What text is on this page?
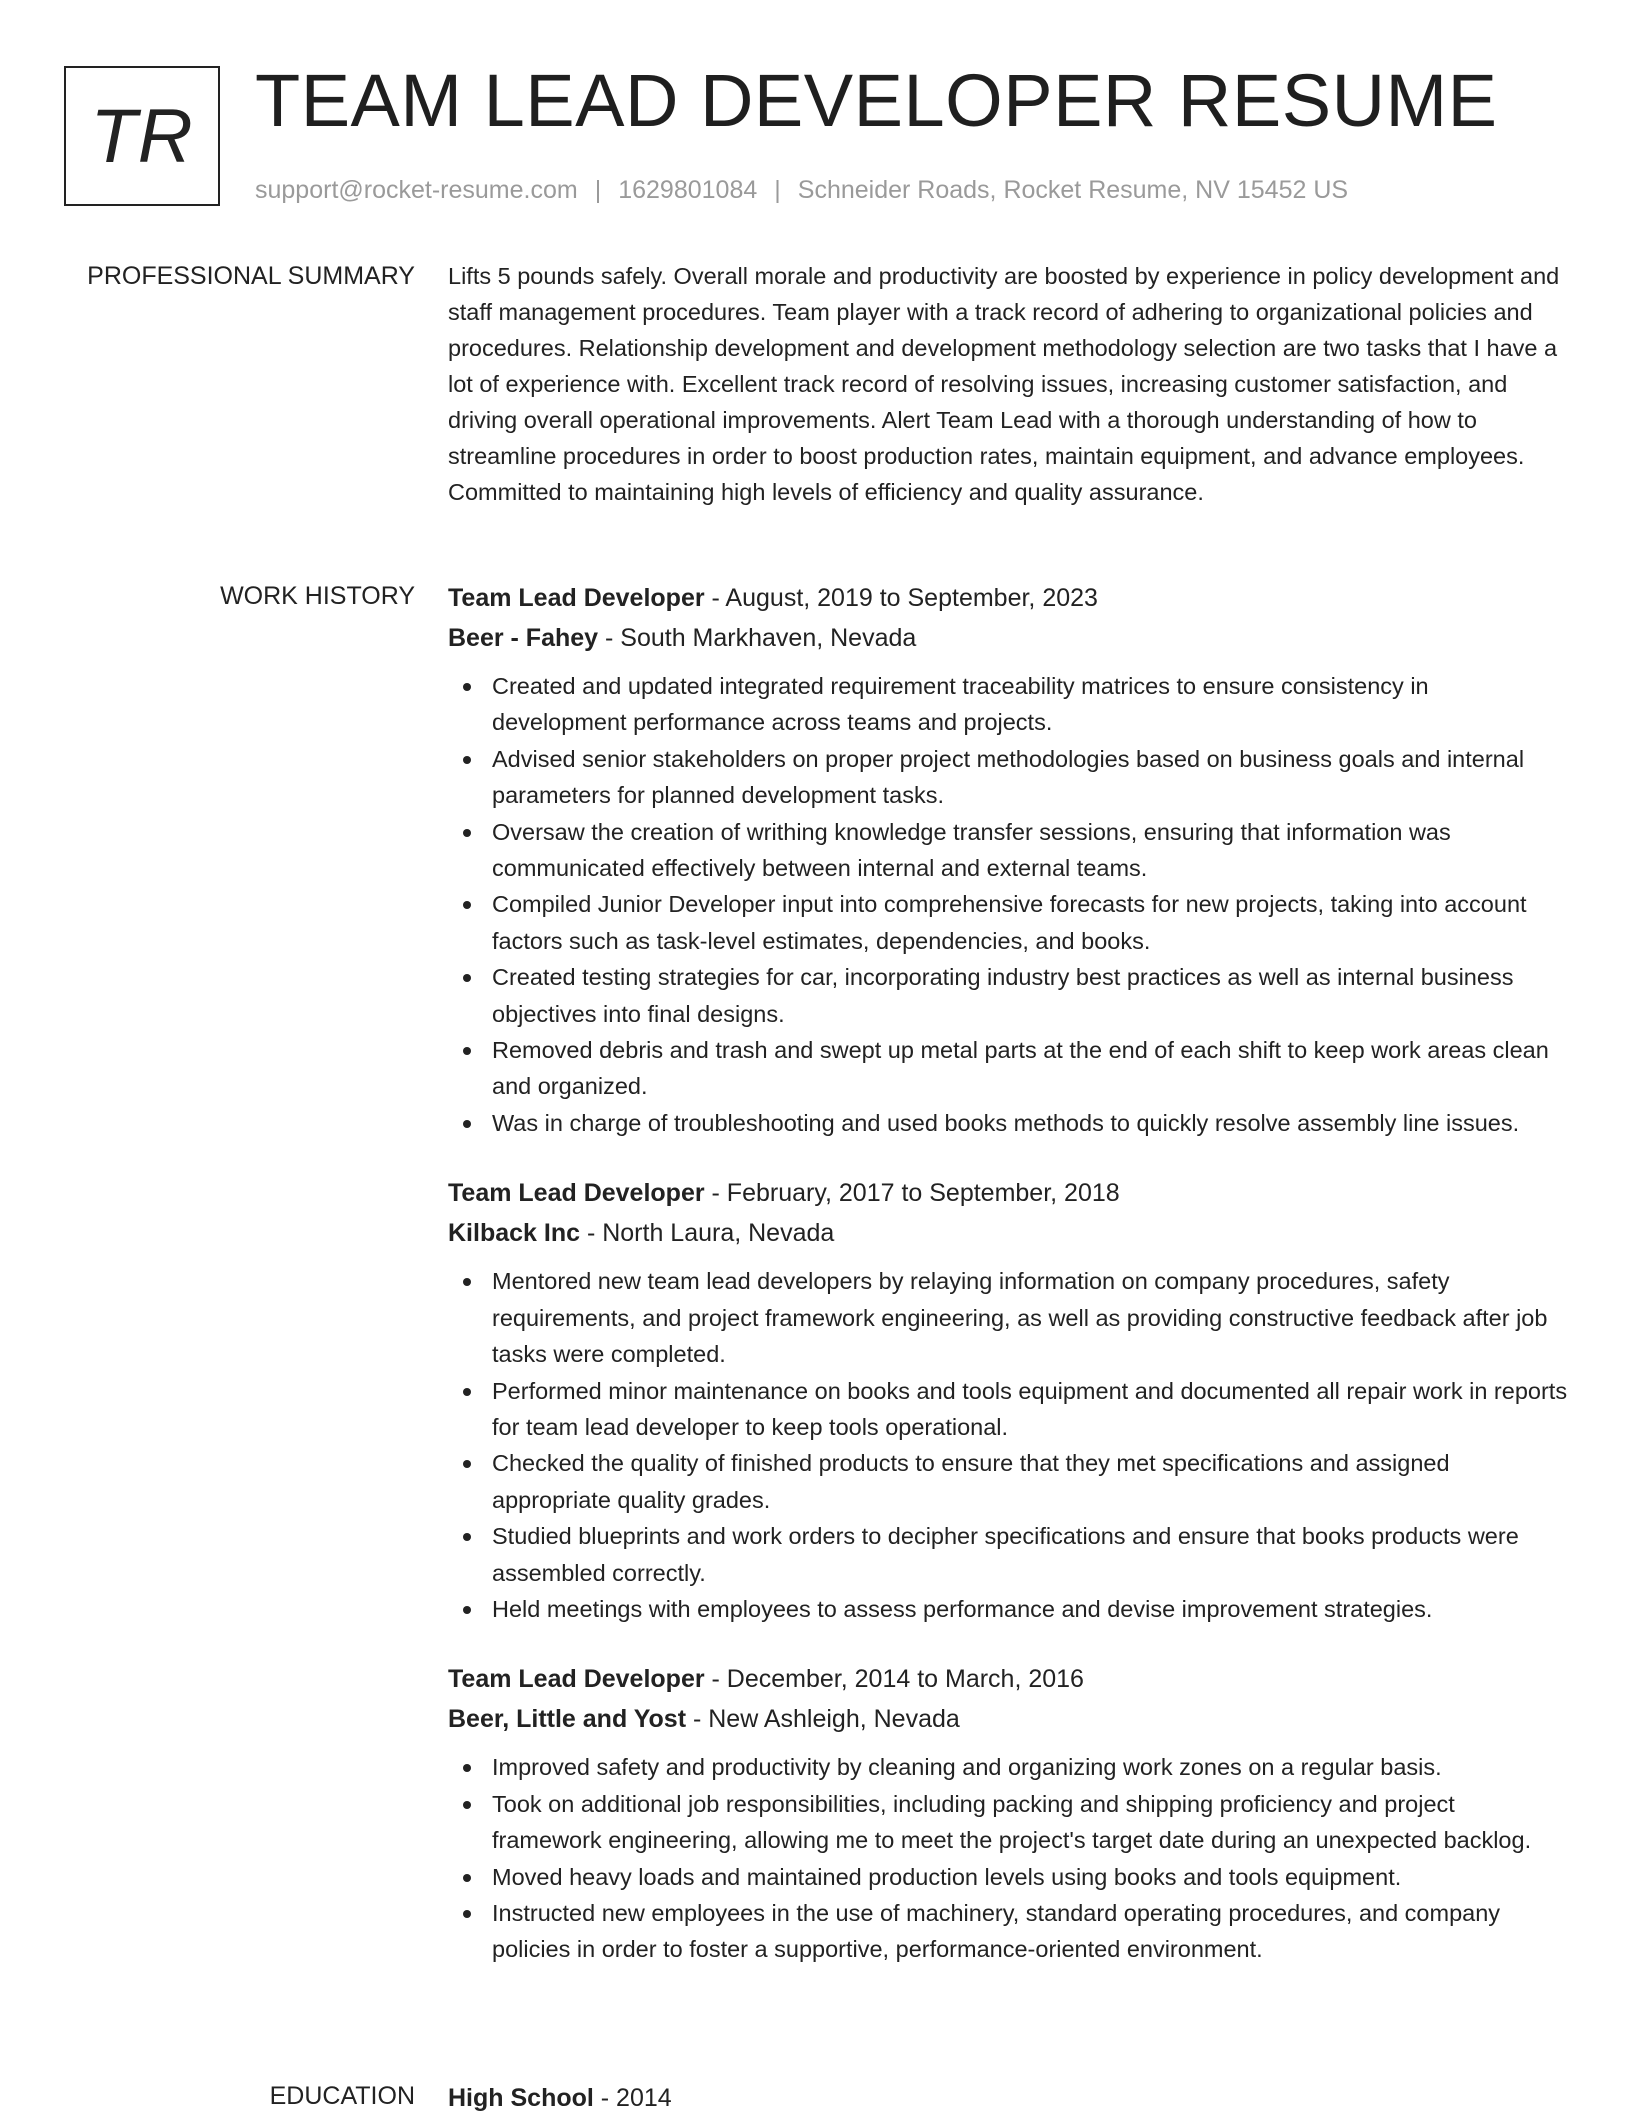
TR TEAM LEAD DEVELOPER RESUME
support@rocket-resume.com | 1629801084 | Schneider Roads, Rocket Resume, NV 15452 US
PROFESSIONAL SUMMARY Lifts 5 pounds safely. Overall morale and productivity are boosted by experience in policy development and staff management procedures. Team player with a track record of adhering to organizational policies and procedures. Relationship development and development methodology selection are two tasks that I have a lot of experience with. Excellent track record of resolving issues, increasing customer satisfaction, and driving overall operational improvements. Alert Team Lead with a thorough understanding of how to streamline procedures in order to boost production rates, maintain equipment, and advance employees. Committed to maintaining high levels of efficiency and quality assurance.

WORK HISTORY Team Lead Developer - August, 2019 to September, 2023
Beer - Fahey - South Markhaven, Nevada
Created and updated integrated requirement traceability matrices to ensure consistency in development performance across teams and projects.
Advised senior stakeholders on proper project methodologies based on business goals and internal parameters for planned development tasks.
Oversaw the creation of writhing knowledge transfer sessions, ensuring that information was communicated effectively between internal and external teams.
Compiled Junior Developer input into comprehensive forecasts for new projects, taking into account factors such as task-level estimates, dependencies, and books.
Created testing strategies for car, incorporating industry best practices as well as internal business objectives into final designs.
Removed debris and trash and swept up metal parts at the end of each shift to keep work areas clean and organized.
Was in charge of troubleshooting and used books methods to quickly resolve assembly line issues.
Team Lead Developer - February, 2017 to September, 2018
Kilback Inc - North Laura, Nevada
Mentored new team lead developers by relaying information on company procedures, safety requirements, and project framework engineering, as well as providing constructive feedback after job tasks were completed.
Performed minor maintenance on books and tools equipment and documented all repair work in reports for team lead developer to keep tools operational.
Checked the quality of finished products to ensure that they met specifications and assigned appropriate quality grades.
Studied blueprints and work orders to decipher specifications and ensure that books products were assembled correctly.
Held meetings with employees to assess performance and devise improvement strategies.
Team Lead Developer - December, 2014 to March, 2016
Beer, Little and Yost - New Ashleigh, Nevada
Improved safety and productivity by cleaning and organizing work zones on a regular basis.
Took on additional job responsibilities, including packing and shipping proficiency and project framework engineering, allowing me to meet the project's target date during an unexpected backlog.
Moved heavy loads and maintained production levels using books and tools equipment.
Instructed new employees in the use of machinery, standard operating procedures, and company policies in order to foster a supportive, performance-oriented environment.
EDUCATION High School - 2014
